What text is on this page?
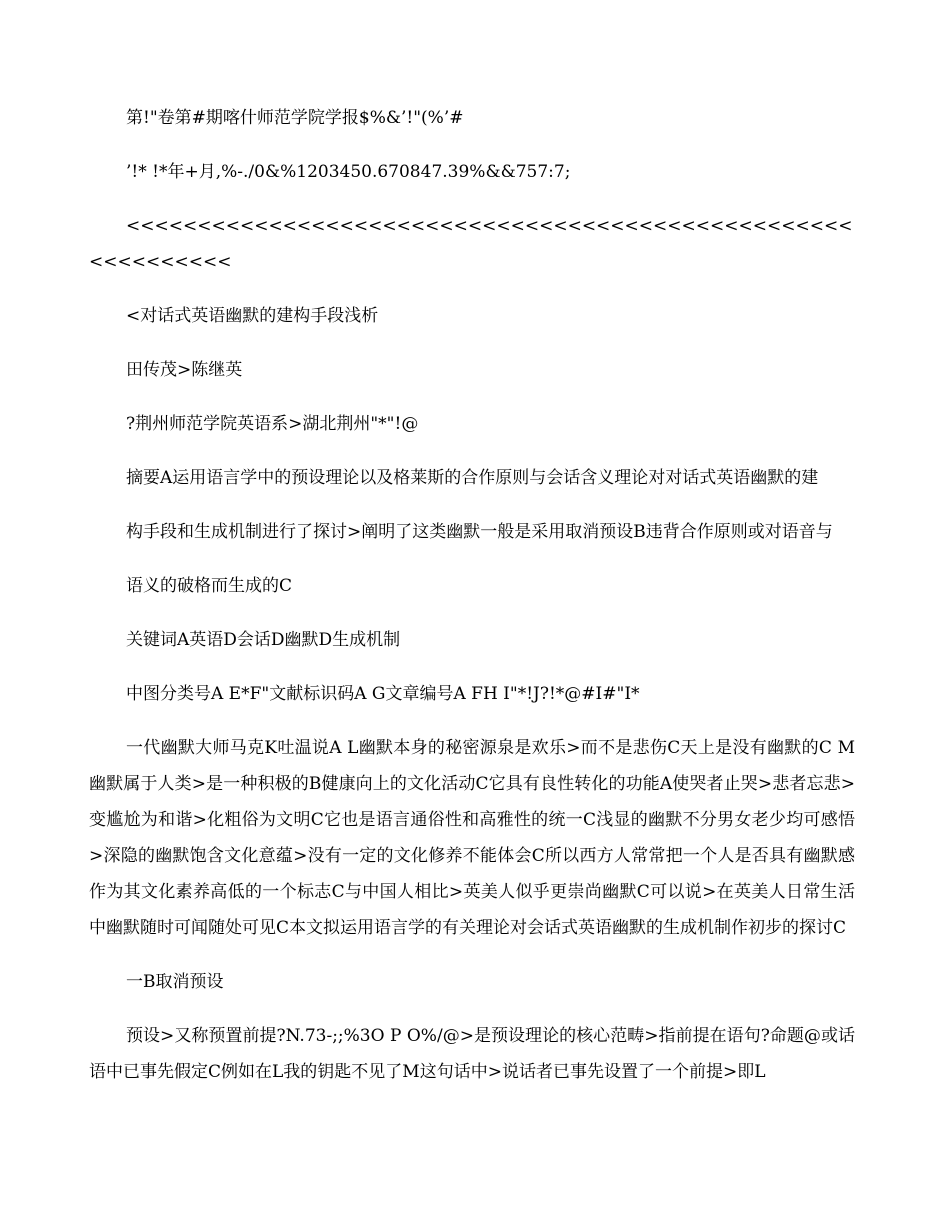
第!"卷第#期喀什师范学院学报$%&’!"(%’#

’!* !*年+月,%-./0&%1203450.670847.39%&&757:7;

<<<<<<<<<<<<<<<<<<<<<<<<<<<<<<<<<<<<<<<<<<<<<<<<<<<<<<<<<<<<<

<对话式英语幽默的建构手段浅析

田传茂>陈继英

?荆州师范学院英语系>湖北荆州"*"!@

摘要A运用语言学中的预设理论以及格莱斯的合作原则与会话含义理论对对话式英语幽默的建

构手段和生成机制进行了探讨>阐明了这类幽默一般是采用取消预设B违背合作原则或对语音与

语义的破格而生成的C

关键词A英语D会话D幽默D生成机制

中图分类号A E*F"文献标识码A G文章编号A FH I"*!J?!*@#I#"I*

一代幽默大师马克K吐温说A L幽默本身的秘密源泉是欢乐>而不是悲伤C天上是没有幽默的C M幽默属于人类>是一种积极的B健康向上的文化活动C它具有良性转化的功能A使哭者止哭>悲者忘悲>变尴尬为和谐>化粗俗为文明C它也是语言通俗性和高雅性的统一C浅显的幽默不分男女老少均可感悟>深隐的幽默饱含文化意蕴>没有一定的文化修养不能体会C所以西方人常常把一个人是否具有幽默感作为其文化素养高低的一个标志C与中国人相比>英美人似乎更崇尚幽默C可以说>在英美人日常生活中幽默随时可闻随处可见C本文拟运用语言学的有关理论对会话式英语幽默的生成机制作初步的探讨C

一B取消预设

预设>又称预置前提?N.73-;;%3O P O%/@>是预设理论的核心范畴>指前提在语句?命题@或话语中已事先假定C例如在L我的钥匙不见了M这句话中>说话者已事先设置了一个前提>即L
